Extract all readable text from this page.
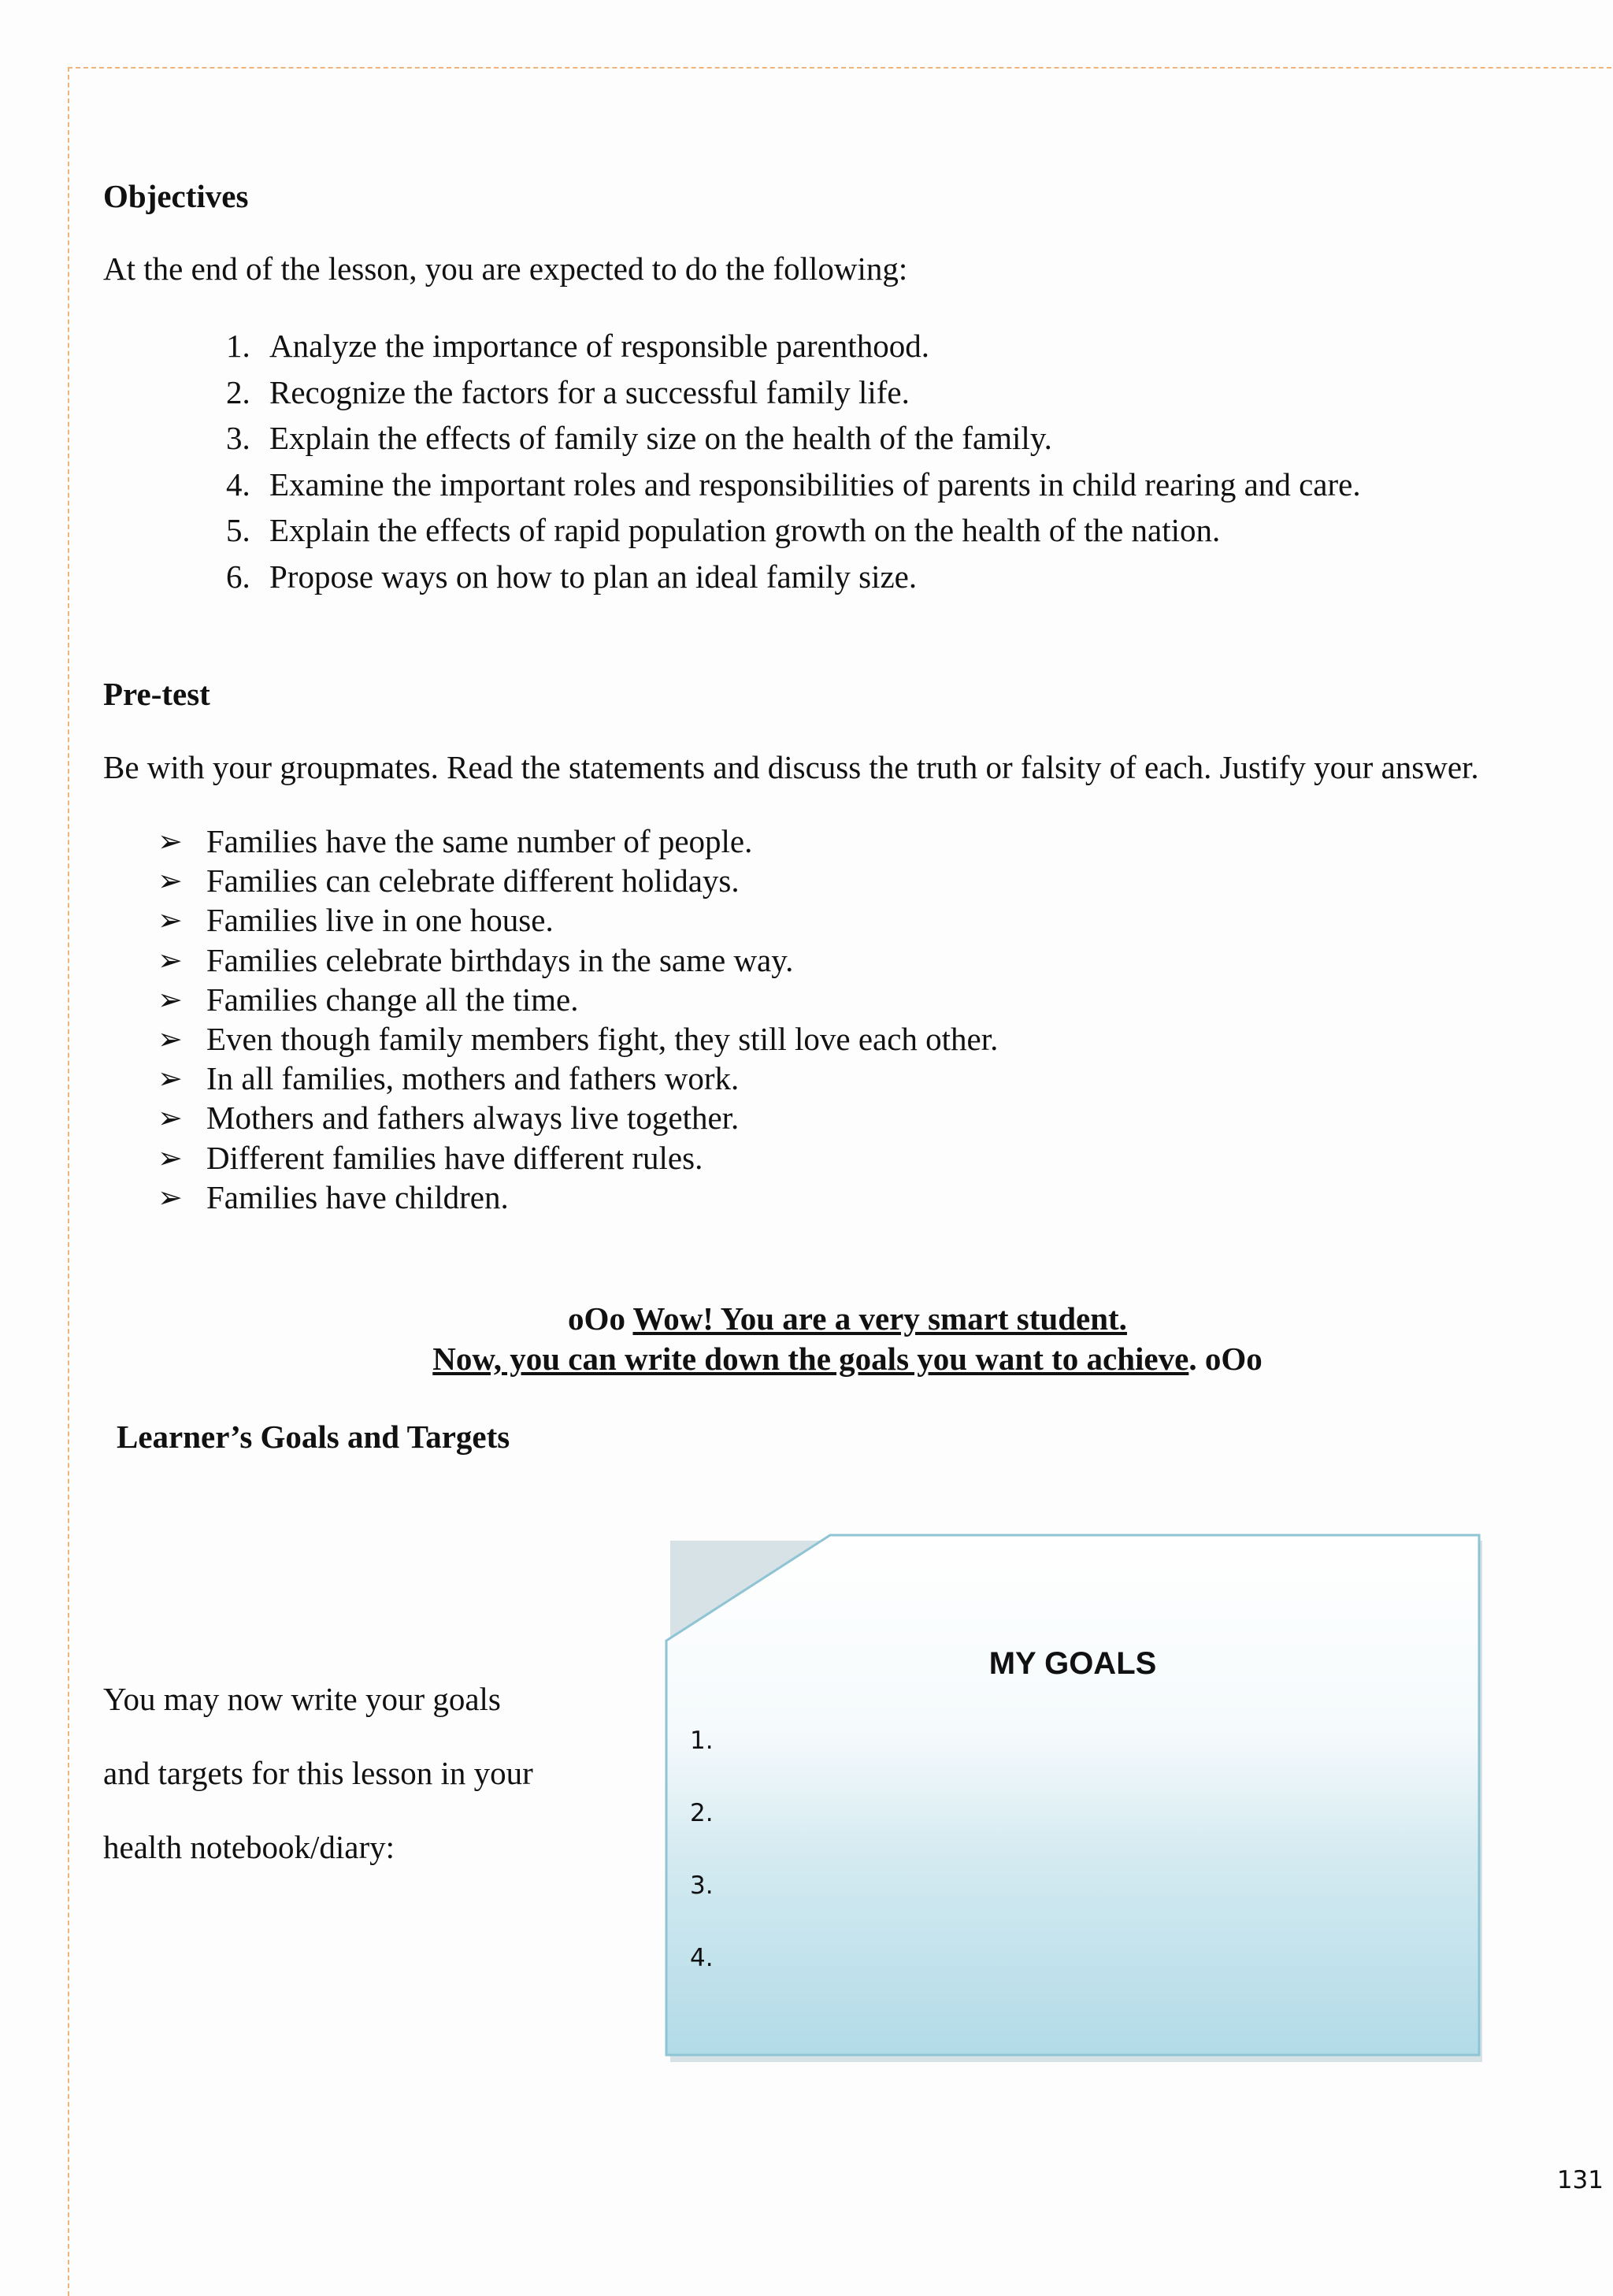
Objectives
At the end of the lesson, you are expected to do the following:
1. Analyze the importance of responsible parenthood.
2. Recognize the factors for a successful family life.
3. Explain the effects of family size on the health of the family.
4. Examine the important roles and responsibilities of parents in child rearing and care.
5. Explain the effects of rapid population growth on the health of the nation.
6. Propose ways on how to plan an ideal family size.
Pre-test
Be with your groupmates. Read the statements and discuss the truth or falsity of each. Justify your answer.
➢ Families have the same number of people.
➢ Families can celebrate different holidays.
➢ Families live in one house.
➢ Families celebrate birthdays in the same way.
➢ Families change all the time.
➢ Even though family members fight, they still love each other.
➢ In all families, mothers and fathers work.
➢ Mothers and fathers always live together.
➢ Different families have different rules.
➢ Families have children.
oOo Wow! You are a very smart student.
Now, you can write down the goals you want to achieve. oOo
Learner’s Goals and Targets
You may now write your goals
and targets for this lesson in your
health notebook/diary:
MY GOALS
1.
2.
3.
4.
131
